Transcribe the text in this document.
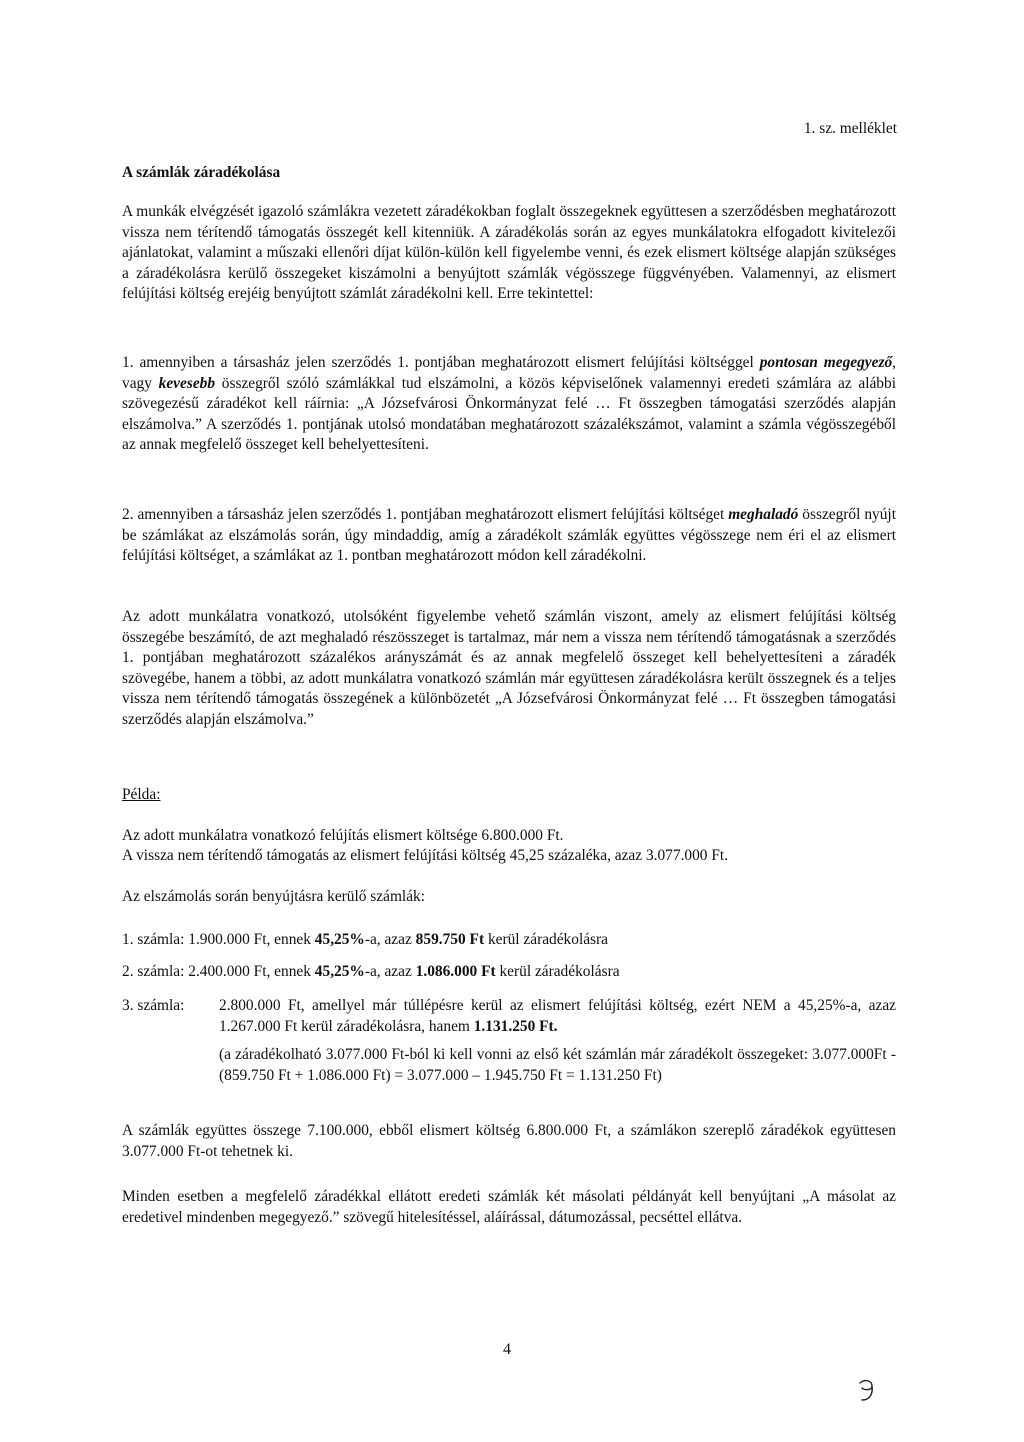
1. sz. melléklet
A számlák záradékolása

A munkák elvégzését igazoló számlákra vezetett záradékokban foglalt összegeknek együttesen a szerződésben meghatározott vissza nem térítendő támogatás összegét kell kitenniük. A záradékolás során az egyes munkálatokra elfogadott kivitelezői ajánlatokat, valamint a műszaki ellenőri díjat külön-külön kell figyelembe venni, és ezek elismert költsége alapján szükséges a záradékolásra kerülő összegeket kiszámolni a benyújtott számlák végösszege függvényében. Valamennyi, az elismert felújítási költség erejéig benyújtott számlát záradékolni kell. Erre tekintettel:

1. amennyiben a társasház jelen szerződés 1. pontjában meghatározott elismert felújítási költséggel pontosan megegyező, vagy kevesebb összegről szóló számlákkal tud elszámolni, a közös képviselőnek valamennyi eredeti számlára az alábbi szövegezésű záradékot kell ráírnia: „A Józsefvárosi Önkormányzat felé … Ft összegben támogatási szerződés alapján elszámolva.” A szerződés 1. pontjának utolsó mondatában meghatározott százalékszámot, valamint a számla végösszegéből az annak megfelelő összeget kell behelyettesíteni.

2. amennyiben a társasház jelen szerződés 1. pontjában meghatározott elismert felújítási költséget meghaladó összegről nyújt be számlákat az elszámolás során, úgy mindaddig, amíg a záradékolt számlák együttes végösszege nem éri el az elismert felújítási költséget, a számlákat az 1. pontban meghatározott módon kell záradékolni.

Az adott munkálatra vonatkozó, utolsóként figyelembe vehető számlán viszont, amely az elismert felújítási költség összegébe beszámító, de azt meghaladó részösszeget is tartalmaz, már nem a vissza nem térítendő támogatásnak a szerződés 1. pontjában meghatározott százalékos arányszámát és az annak megfelelő összeget kell behelyettesíteni a záradék szövegébe, hanem a többi, az adott munkálatra vonatkozó számlán már együttesen záradékolásra került összegnek és a teljes vissza nem térítendő támogatás összegének a különbözetét „A Józsefvárosi Önkormányzat felé … Ft összegben támogatási szerződés alapján elszámolva.”

Példa:
Az adott munkálatra vonatkozó felújítás elismert költsége 6.800.000 Ft.
A vissza nem térítendő támogatás az elismert felújítási költség 45,25 százaléka, azaz 3.077.000 Ft.
Az elszámolás során benyújtásra kerülő számlák:
1. számla: 1.900.000 Ft, ennek 45,25%-a, azaz 859.750 Ft kerül záradékolásra
2. számla: 2.400.000 Ft, ennek 45,25%-a, azaz 1.086.000 Ft kerül záradékolásra
3. számla:	2.800.000 Ft, amellyel már túllépésre kerül az elismert felújítási költség, ezért NEM a 45,25%-a, azaz 1.267.000 Ft kerül záradékolásra, hanem 1.131.250 Ft.

(a záradékolható 3.077.000 Ft-ból ki kell vonni az első két számlán már záradékolt összegeket: 3.077.000Ft - (859.750 Ft + 1.086.000 Ft) = 3.077.000 – 1.945.750 Ft = 1.131.250 Ft)

A számlák együttes összege 7.100.000, ebből elismert költség 6.800.000 Ft, a számlákon szereplő záradékok együttesen 3.077.000 Ft-ot tehetnek ki.

Minden esetben a megfelelő záradékkal ellátott eredeti számlák két másolati példányát kell benyújtani „A másolat az eredetivel mindenben megegyező.” szövegű hitelesítéssel, aláírással, dátumozással, pecséttel ellátva.

4
